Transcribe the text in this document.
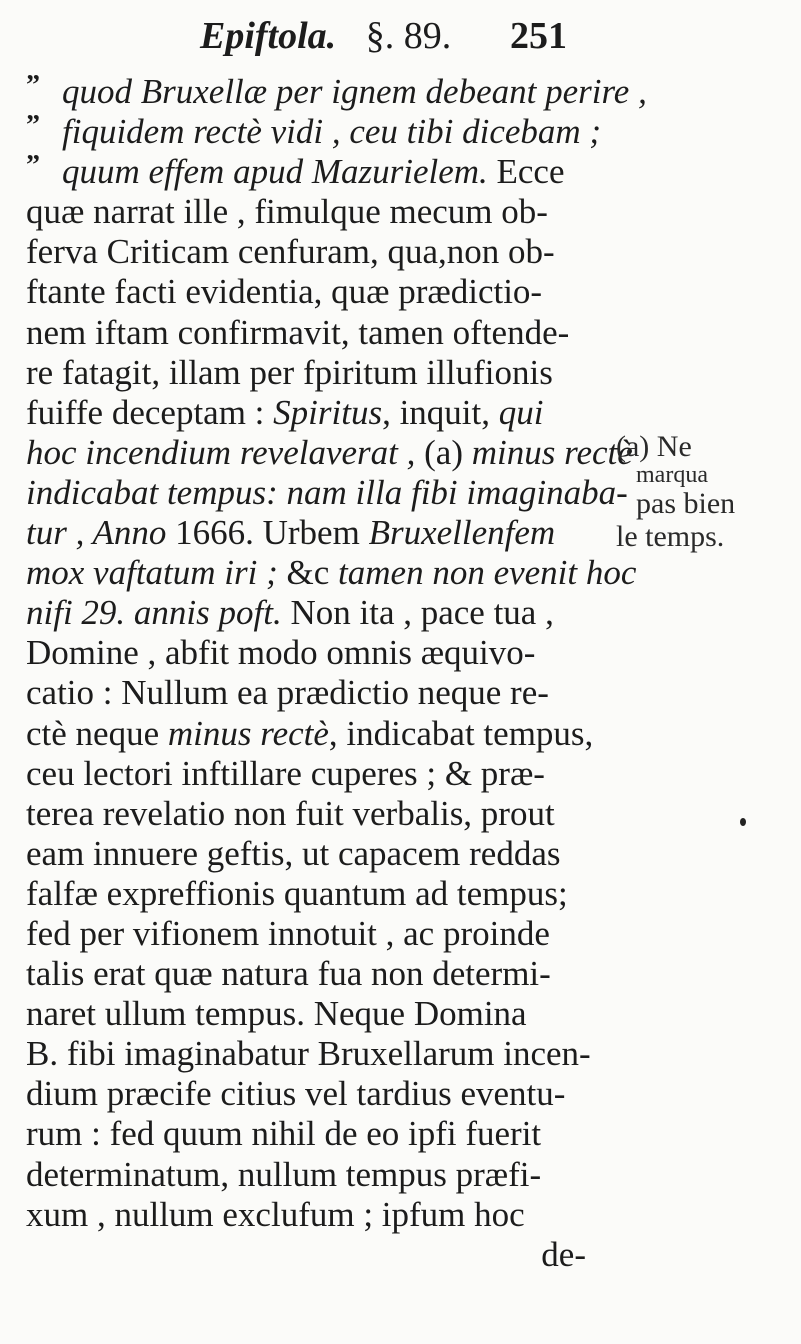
Epiftola. §. 89. 251
” quod Bruxellæ per ignem debeant perire ,
” fiquidem rectè vidi , ceu tibi dicebam ;
” quum effem apud Mazurielem. Ecce
quæ narrat ille , fimulque mecum ob-
ferva Criticam cenfuram, qua,non ob-
ftante facti evidentia, quæ prædictio-
nem iftam confirmavit, tamen oftende-
re fatagit, illam per fpiritum illufionis
fuiffe deceptam : Spiritus, inquit, qui
hoc incendium revelaverat , (a) minus rectè
indicabat tempus: nam illa fibi imaginaba-
tur , Anno 1666. Urbem Bruxellenfem
mox vaftatum iri ; &c tamen non evenit hoc
nifi 29. annis poft. Non ita , pace tua ,
Domine , abfit modo omnis æquivo-
catio : Nullum ea prædictio neque re-
ctè neque minus rectè, indicabat tempus,
ceu lectori inftillare cuperes ; & præ-
terea revelatio non fuit verbalis, prout
eam innuere geftis, ut capacem reddas
falfæ expreffionis quantum ad tempus;
fed per vifionem innotuit , ac proinde
talis erat quæ natura fua non determi-
naret ullum tempus. Neque Domina
B. fibi imaginabatur Bruxellarum incen-
dium præcife citius vel tardius eventu-
rum : fed quum nihil de eo ipfi fuerit
determinatum, nullum tempus præfi-
xum , nullum exclufum ; ipfum hoc
de-
(a) Ne
marqua
pas bien
le temps.
